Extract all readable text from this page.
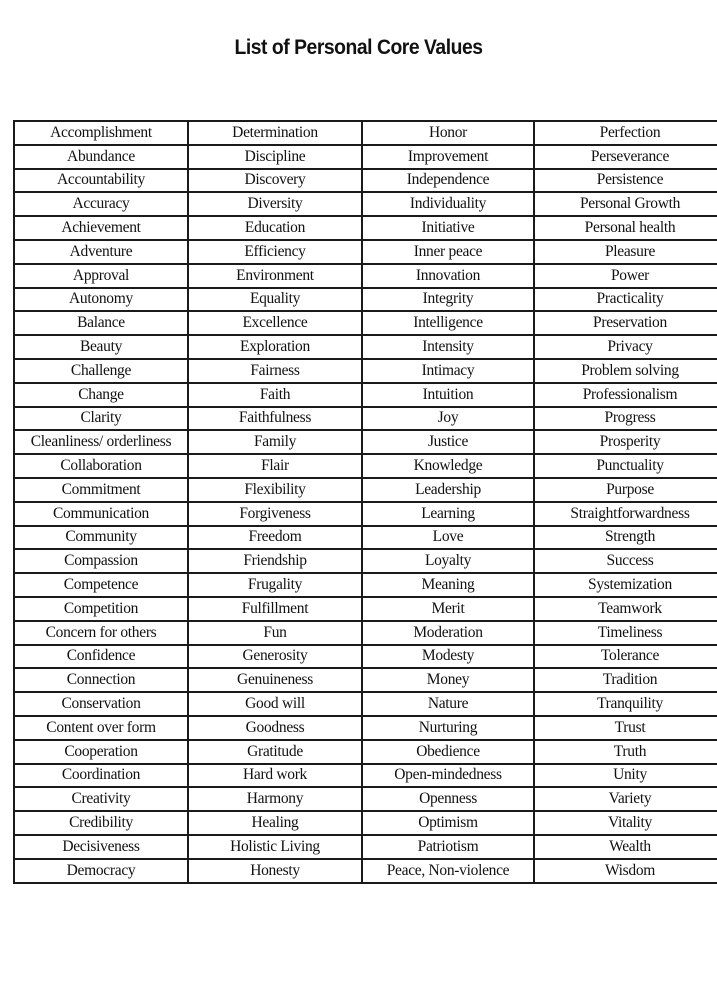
List of Personal Core Values
Accomplishment	Determination	Honor	Perfection
Abundance	Discipline	Improvement	Perseverance
Accountability	Discovery	Independence	Persistence
Accuracy	Diversity	Individuality	Personal Growth
Achievement	Education	Initiative	Personal health
Adventure	Efficiency	Inner peace	Pleasure
Approval	Environment	Innovation	Power
Autonomy	Equality	Integrity	Practicality
Balance	Excellence	Intelligence	Preservation
Beauty	Exploration	Intensity	Privacy
Challenge	Fairness	Intimacy	Problem solving
Change	Faith	Intuition	Professionalism
Clarity	Faithfulness	Joy	Progress
Cleanliness/ orderliness	Family	Justice	Prosperity
Collaboration	Flair	Knowledge	Punctuality
Commitment	Flexibility	Leadership	Purpose
Communication	Forgiveness	Learning	Straightforwardness
Community	Freedom	Love	Strength
Compassion	Friendship	Loyalty	Success
Competence	Frugality	Meaning	Systemization
Competition	Fulfillment	Merit	Teamwork
Concern for others	Fun	Moderation	Timeliness
Confidence	Generosity	Modesty	Tolerance
Connection	Genuineness	Money	Tradition
Conservation	Good will	Nature	Tranquility
Content over form	Goodness	Nurturing	Trust
Cooperation	Gratitude	Obedience	Truth
Coordination	Hard work	Open-mindedness	Unity
Creativity	Harmony	Openness	Variety
Credibility	Healing	Optimism	Vitality
Decisiveness	Holistic Living	Patriotism	Wealth
Democracy	Honesty	Peace, Non-violence	Wisdom
